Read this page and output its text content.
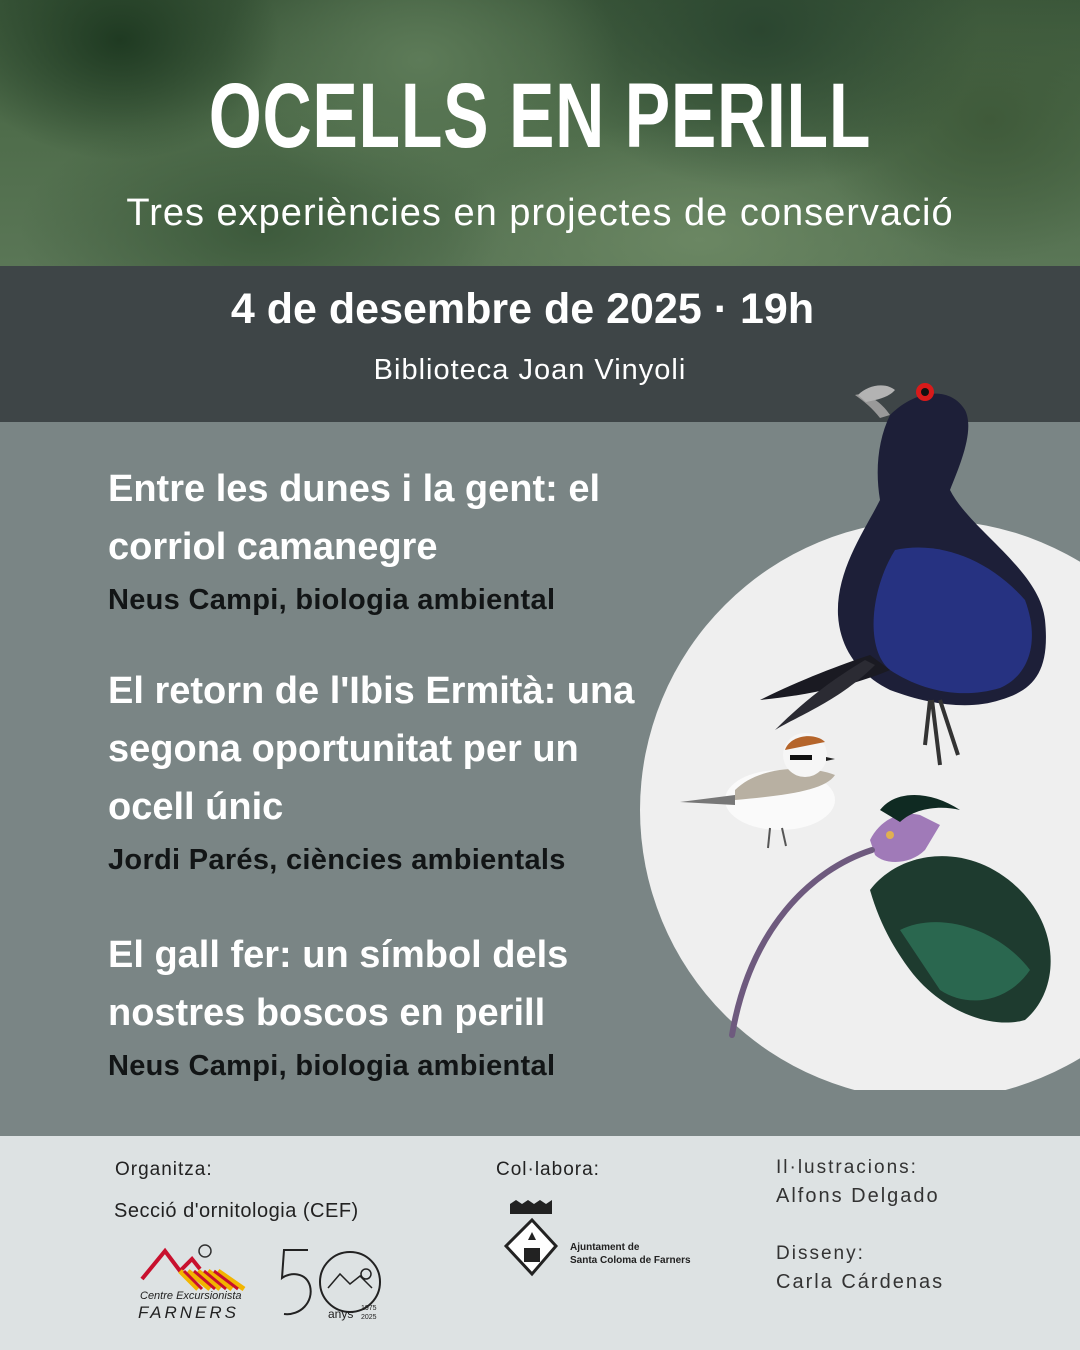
OCELLS EN PERILL
Tres experiències en projectes de conservació
4 de desembre de 2025 · 19h
Biblioteca Joan Vinyoli
Entre les dunes i la gent: el corriol camanegre
Neus Campi, biologia ambiental
El retorn de l'Ibis Ermità: una segona oportunitat per un ocell únic
Jordi Parés, ciències ambientals
El gall fer: un símbol dels nostres boscos en perill
Neus Campi, biologia ambiental
Organitza:
Secció d'ornitologia (CEF)
Centre Excursionista
FARNERS	anys 1975
2025
Col·labora:
Ajuntament de
Santa Coloma de Farners
Il·lustracions:
Alfons Delgado
Disseny:
Carla Cárdenas
